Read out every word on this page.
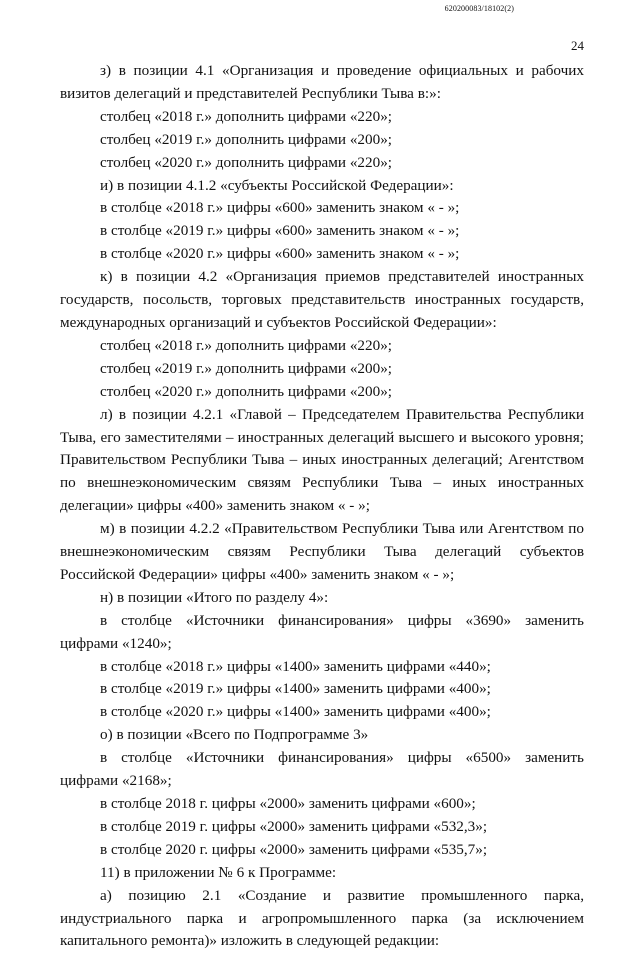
620200083/18102(2)
24

з) в позиции 4.1 «Организация и проведение официальных и рабочих визитов делегаций и представителей Республики Тыва в:»:

столбец «2018 г.» дополнить цифрами «220»;

столбец «2019 г.» дополнить цифрами «200»;

столбец «2020 г.» дополнить цифрами «220»;

и) в позиции 4.1.2 «субъекты Российской Федерации»:

в столбце «2018 г.» цифры «600» заменить знаком « - »;

в столбце «2019 г.» цифры «600» заменить знаком « - »;

в столбце «2020 г.» цифры «600» заменить знаком « - »;

к) в позиции 4.2 «Организация приемов представителей иностранных государств, посольств, торговых представительств иностранных государств, международных организаций и субъектов Российской Федерации»:

столбец «2018 г.» дополнить цифрами «220»;

столбец «2019 г.» дополнить цифрами «200»;

столбец «2020 г.» дополнить цифрами «200»;

л) в позиции 4.2.1 «Главой – Председателем Правительства Республики Тыва, его заместителями – иностранных делегаций высшего и высокого уровня; Правительством Республики Тыва – иных иностранных делегаций; Агентством по внешнеэкономическим связям Республики Тыва – иных иностранных делегации» цифры «400» заменить знаком « - »;

м) в позиции 4.2.2 «Правительством Республики Тыва или Агентством по внешнеэкономическим связям Республики Тыва делегаций субъектов Российской Федерации» цифры «400» заменить знаком « - »;

н) в позиции «Итого по разделу 4»:

в столбце «Источники финансирования» цифры «3690» заменить цифрами «1240»;

в столбце «2018 г.» цифры «1400» заменить цифрами «440»;

в столбце «2019 г.» цифры «1400» заменить цифрами «400»;

в столбце «2020 г.» цифры «1400» заменить цифрами «400»;

о) в позиции «Всего по Подпрограмме 3»

в столбце «Источники финансирования» цифры «6500» заменить цифрами «2168»;

в столбце 2018 г. цифры «2000» заменить цифрами «600»;

в столбце 2019 г. цифры «2000» заменить цифрами «532,3»;

в столбце 2020 г. цифры «2000» заменить цифрами «535,7»;

11) в приложении № 6 к Программе:

а) позицию 2.1 «Создание и развитие промышленного парка, индустриального парка и агропромышленного парка (за исключением капитального ремонта)» изложить в следующей редакции:
